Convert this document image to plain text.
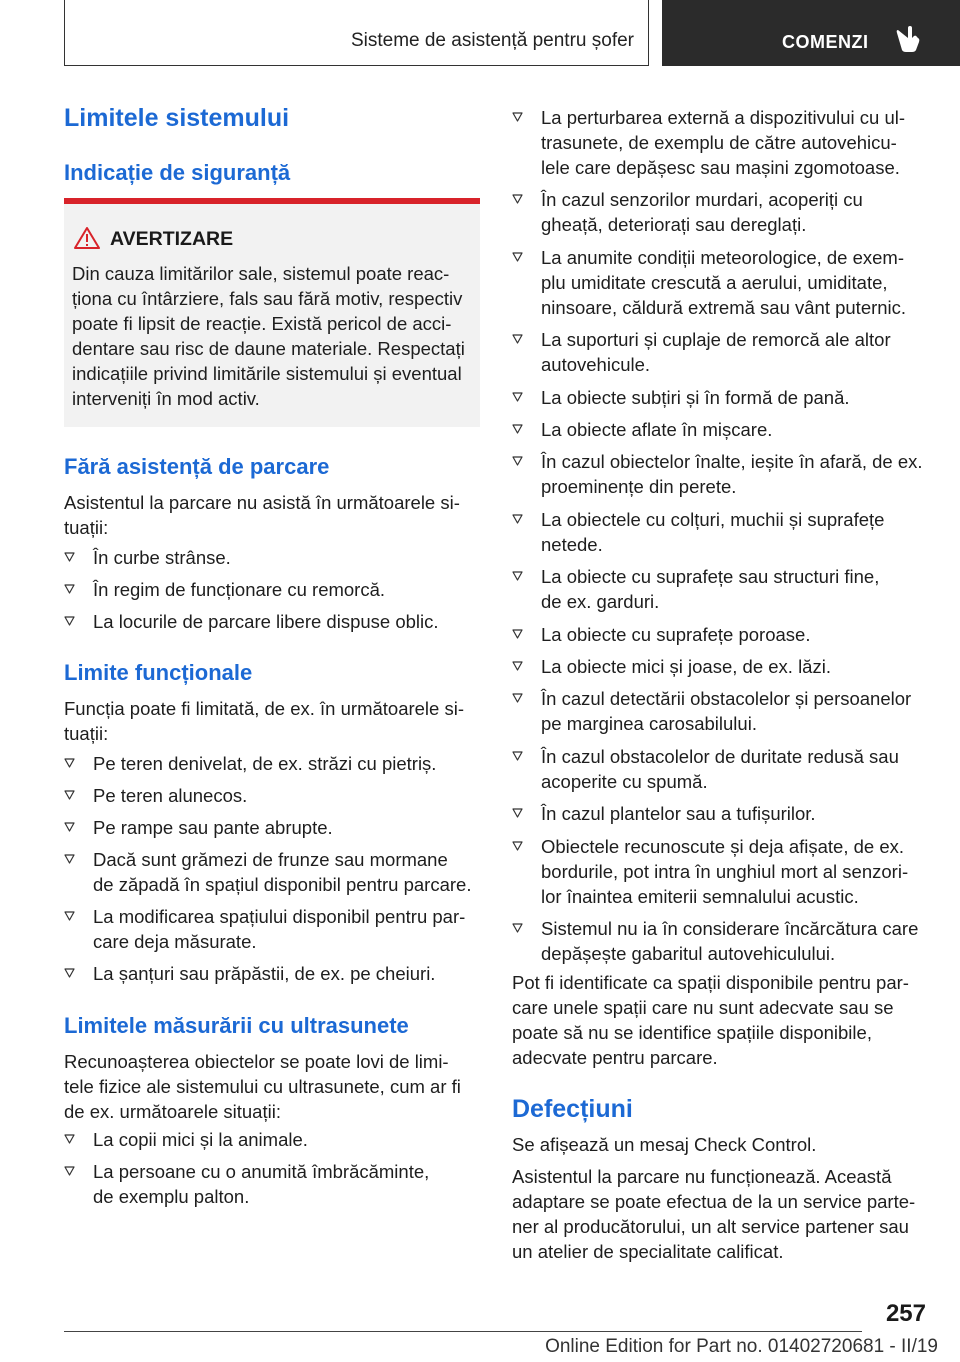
Sisteme de asistență pentru șofer	COMENZI
Limitele sistemului
Indicație de siguranță
AVERTIZARE
Din cauza limitărilor sale, sistemul poate reac-
ționa cu întârziere, fals sau fără motiv, respectiv
poate fi lipsit de reacție. Există pericol de acci-
dentare sau risc de daune materiale. Respectați
indicațiile privind limitările sistemului și eventual
interveniți în mod activ.
Fără asistență de parcare
Asistentul la parcare nu asistă în următoarele si-
tuații:
În curbe strânse.
În regim de funcționare cu remorcă.
La locurile de parcare libere dispuse oblic.
Limite funcționale
Funcția poate fi limitată, de ex. în următoarele si-
tuații:
Pe teren denivelat, de ex. străzi cu pietriș.
Pe teren alunecos.
Pe rampe sau pante abrupte.
Dacă sunt grămezi de frunze sau mormane
de zăpadă în spațiul disponibil pentru parcare.
La modificarea spațiului disponibil pentru par-
care deja măsurate.
La șanțuri sau prăpăstii, de ex. pe cheiuri.
Limitele măsurării cu ultrasunete
Recunoașterea obiectelor se poate lovi de limi-
tele fizice ale sistemului cu ultrasunete, cum ar fi
de ex. următoarele situații:
La copii mici și la animale.
La persoane cu o anumită îmbrăcăminte,
de exemplu palton.
La perturbarea externă a dispozitivului cu ul-
trasunete, de exemplu de către autovehicu-
lele care depășesc sau mașini zgomotoase.
În cazul senzorilor murdari, acoperiți cu
gheață, deteriorați sau dereglați.
La anumite condiții meteorologice, de exem-
plu umiditate crescută a aerului, umiditate,
ninsoare, căldură extremă sau vânt puternic.
La suporturi și cuplaje de remorcă ale altor
autovehicule.
La obiecte subțiri și în formă de pană.
La obiecte aflate în mișcare.
În cazul obiectelor înalte, ieșite în afară, de ex.
proeminențe din perete.
La obiectele cu colțuri, muchii și suprafețe
netede.
La obiecte cu suprafețe sau structuri fine,
de ex. garduri.
La obiecte cu suprafețe poroase.
La obiecte mici și joase, de ex. lăzi.
În cazul detectării obstacolelor și persoanelor
pe marginea carosabilului.
În cazul obstacolelor de duritate redusă sau
acoperite cu spumă.
În cazul plantelor sau a tufișurilor.
Obiectele recunoscute și deja afișate, de ex.
bordurile, pot intra în unghiul mort al senzori-
lor înaintea emiterii semnalului acustic.
Sistemul nu ia în considerare încărcătura care
depășește gabaritul autovehiculului.
Pot fi identificate ca spații disponibile pentru par-
care unele spații care nu sunt adecvate sau se
poate să nu se identifice spațiile disponibile,
adecvate pentru parcare.
Defecțiuni
Se afișează un mesaj Check Control.
Asistentul la parcare nu funcționează. Această
adaptare se poate efectua de la un service parte-
ner al producătorului, un alt service partener sau
un atelier de specialitate calificat.
257
Online Edition for Part no. 01402720681 - II/19
